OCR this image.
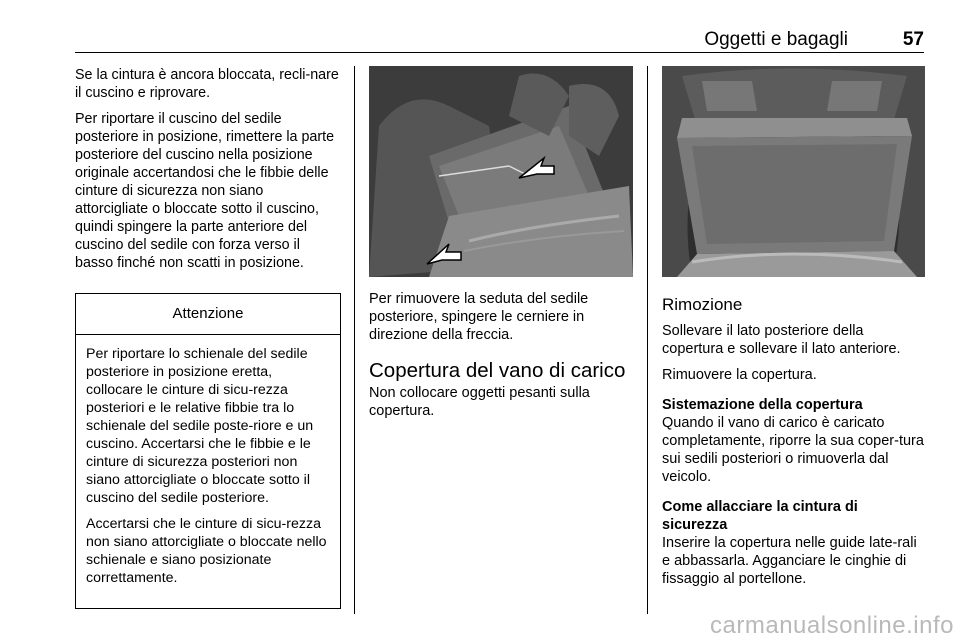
Oggetti e bagagli	57

Se la cintura è ancora bloccata, recli-nare il cuscino e riprovare.

Per riportare il cuscino del sedile posteriore in posizione, rimettere la parte posteriore del cuscino nella posizione originale accertandosi che le fibbie delle cinture di sicurezza non siano attorcigliate o bloccate sotto il cuscino, quindi spingere la parte anteriore del cuscino del sedile con forza verso il basso finché non scatti in posizione.

Attenzione

Per riportare lo schienale del sedile posteriore in posizione eretta, collocare le cinture di sicu-rezza posteriori e le relative fibbie tra lo schienale del sedile poste-riore e un cuscino. Accertarsi che le fibbie e le cinture di sicurezza posteriori non siano attorcigliate o bloccate sotto il cuscino del sedile posteriore.

Accertarsi che le cinture di sicu-rezza non siano attorcigliate o bloccate nello schienale e siano posizionate correttamente.

Per rimuovere la seduta del sedile posteriore, spingere le cerniere in direzione della freccia.

Copertura del vano di carico

Non collocare oggetti pesanti sulla copertura.

Rimozione

Sollevare il lato posteriore della copertura e sollevare il lato anteriore.

Rimuovere la copertura.

Sistemazione della copertura

Quando il vano di carico è caricato completamente, riporre la sua coper-tura sui sedili posteriori o rimuoverla dal veicolo.

Come allacciare la cintura di sicurezza

Inserire la copertura nelle guide late-rali e abbassarla. Agganciare le cinghie di fissaggio al portellone.

carmanualsonline.info
